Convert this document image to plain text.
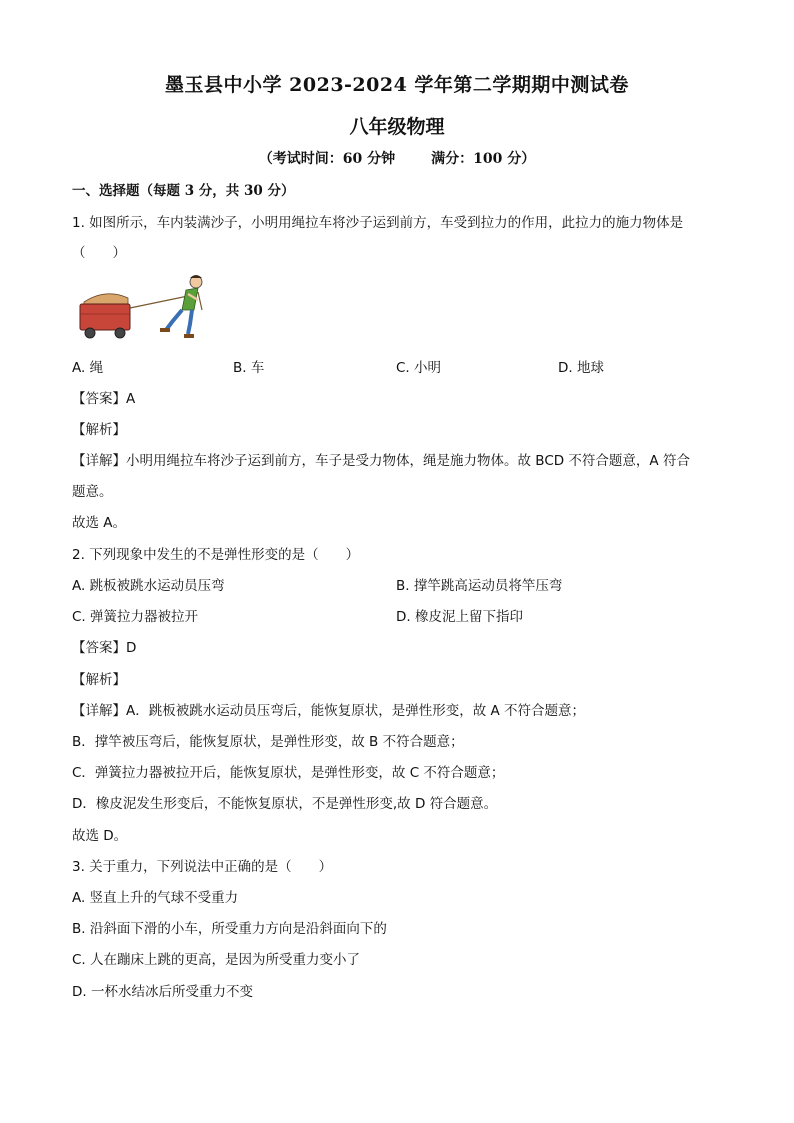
墨玉县中小学 2023-2024 学年第二学期期中测试卷
八年级物理
（考试时间：60 分钟	满分：100 分）
一、选择题（每题 3 分，共 30 分）
1. 如图所示，车内装满沙子，小明用绳拉车将沙子运到前方，车受到拉力的作用，此拉力的施力物体是
（　　）
A. 绳	B. 车	C. 小明	D. 地球
【答案】A
【解析】
【详解】小明用绳拉车将沙子运到前方，车子是受力物体，绳是施力物体。故 BCD 不符合题意，A 符合
题意。
故选 A。
2. 下列现象中发生的不是弹性形变的是（　　）
A. 跳板被跳水运动员压弯	B. 撑竿跳高运动员将竿压弯
C. 弹簧拉力器被拉开	D. 橡皮泥上留下指印
【答案】D
【解析】
【详解】A．跳板被跳水运动员压弯后，能恢复原状，是弹性形变，故 A 不符合题意；
B．撑竿被压弯后，能恢复原状，是弹性形变，故 B 不符合题意；
C．弹簧拉力器被拉开后，能恢复原状，是弹性形变，故 C 不符合题意；
D．橡皮泥发生形变后，不能恢复原状，不是弹性形变,故 D 符合题意。
故选 D。
3. 关于重力，下列说法中正确的是（　　）
A. 竖直上升的气球不受重力
B. 沿斜面下滑的小车，所受重力方向是沿斜面向下的
C. 人在蹦床上跳的更高，是因为所受重力变小了
D. 一杯水结冰后所受重力不变
